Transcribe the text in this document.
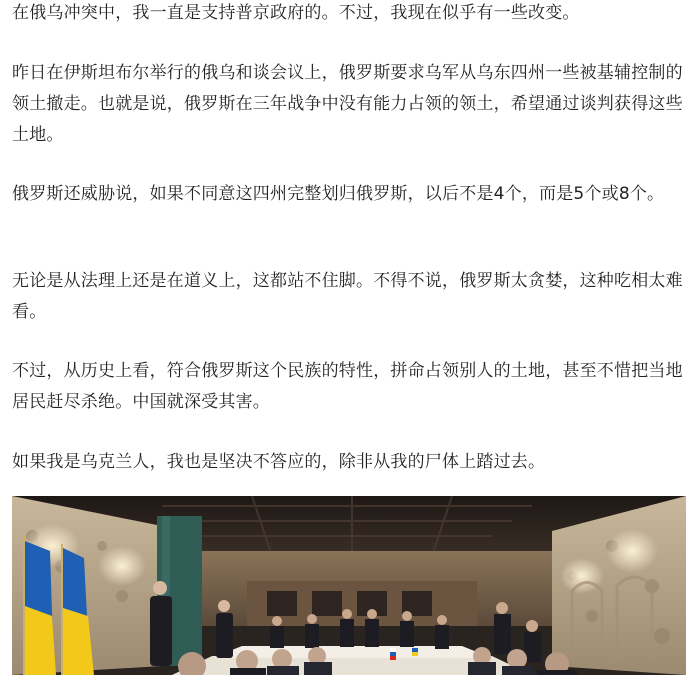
在俄乌冲突中，我一直是支持普京政府的。不过，我现在似乎有一些改变。

昨日在伊斯坦布尔举行的俄乌和谈会议上，俄罗斯要求乌军从乌东四州一些被基辅控制的领土撤走。也就是说，俄罗斯在三年战争中没有能力占领的领土，希望通过谈判获得这些土地。

俄罗斯还威胁说，如果不同意这四州完整划归俄罗斯，以后不是4个，而是5个或8个。

无论是从法理上还是在道义上，这都站不住脚。不得不说，俄罗斯太贪婪，这种吃相太难看。

不过，从历史上看，符合俄罗斯这个民族的特性，拼命占领别人的土地，甚至不惜把当地居民赶尽杀绝。中国就深受其害。

如果我是乌克兰人，我也是坚决不答应的，除非从我的尸体上踏过去。
